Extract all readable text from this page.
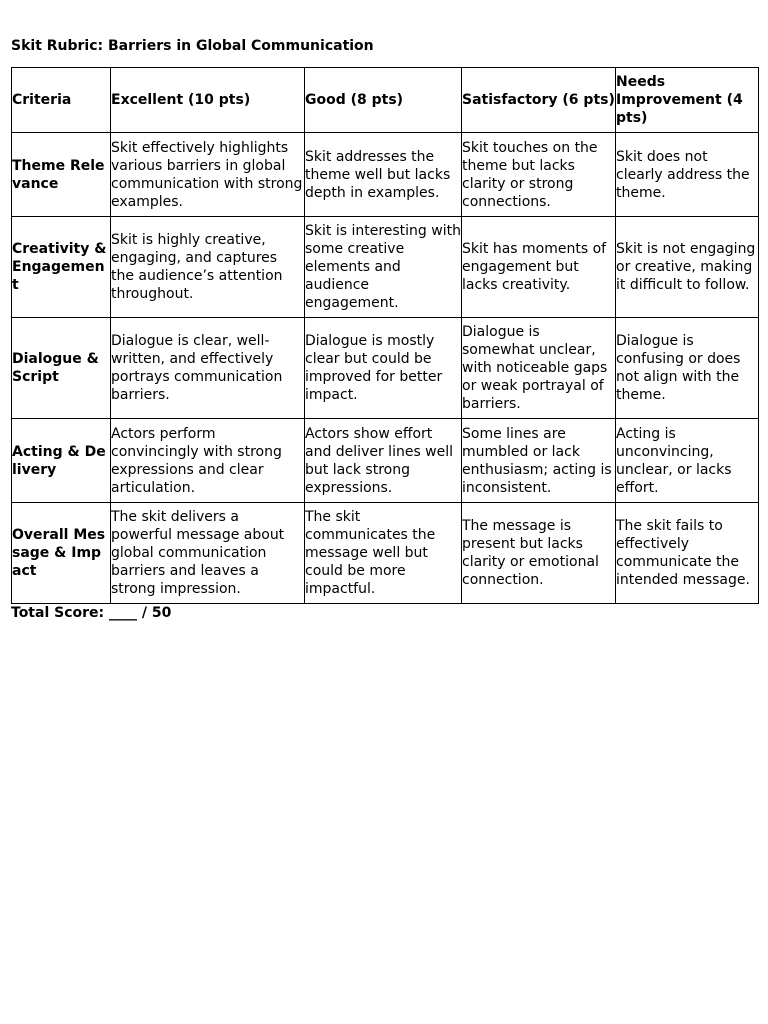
Skit Rubric: Barriers in Global Communication
Criteria	Excellent (10 pts)	Good (8 pts)	Satisfactory (6 pts)	Needs Improvement (4 pts)
Theme Relevance	Skit effectively highlights various barriers in global communication with strong examples.	Skit addresses the theme well but lacks depth in examples.	Skit touches on the theme but lacks clarity or strong connections.	Skit does not clearly address the theme.
Creativity & Engagement	Skit is highly creative, engaging, and captures the audience’s attention throughout.	Skit is interesting with some creative elements and audience engagement.	Skit has moments of engagement but lacks creativity.	Skit is not engaging or creative, making it difficult to follow.
Dialogue & Script	Dialogue is clear, well-written, and effectively portrays communication barriers.	Dialogue is mostly clear but could be improved for better impact.	Dialogue is somewhat unclear, with noticeable gaps or weak portrayal of barriers.	Dialogue is confusing or does not align with the theme.
Acting & Delivery	Actors perform convincingly with strong expressions and clear articulation.	Actors show effort and deliver lines well but lack strong expressions.	Some lines are mumbled or lack enthusiasm; acting is inconsistent.	Acting is unconvincing, unclear, or lacks effort.
Overall Message & Impact	The skit delivers a powerful message about global communication barriers and leaves a strong impression.	The skit communicates the message well but could be more impactful.	The message is present but lacks clarity or emotional connection.	The skit fails to effectively communicate the intended message.
Total Score: ____ / 50
